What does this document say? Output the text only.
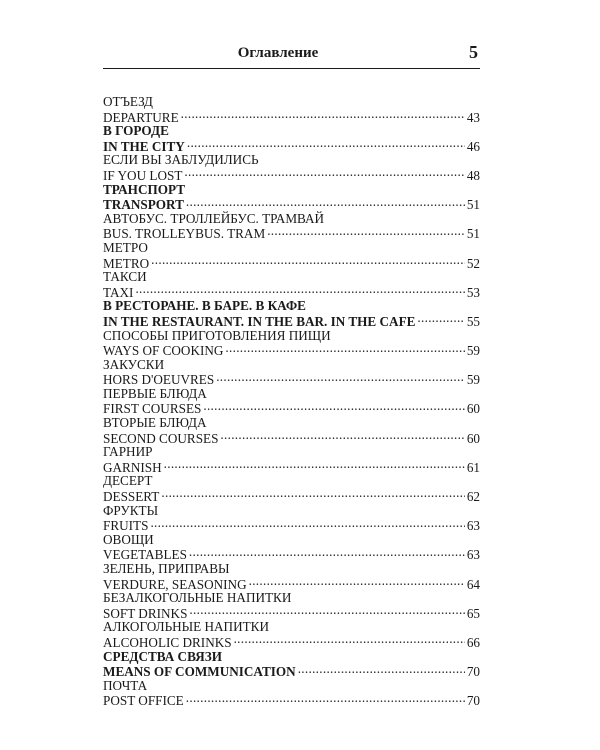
Оглавление	5
ОТЪЕЗД
DEPARTURE . . .	43
В ГОРОДЕ
IN THE CITY . . .	46
ЕСЛИ ВЫ ЗАБЛУДИЛИСЬ
IF YOU LOST . . .	48
ТРАНСПОРТ
TRANSPORT . . .	51
АВТОБУС. ТРОЛЛЕЙБУС. ТРАМВАЙ
BUS. TROLLEYBUS. TRAM . . .	51
МЕТРО
METRO . . .	52
ТАКСИ
TAXI . . .	53
В РЕСТОРАНЕ. В БАРЕ. В КАФЕ
IN THE RESTAURANT. IN THE BAR. IN THE CAFE . . .	55
СПОСОБЫ ПРИГОТОВЛЕНИЯ ПИЩИ
WAYS OF COOKING . . .	59
ЗАКУСКИ
HORS D'OEUVRES . . .	59
ПЕРВЫЕ БЛЮДА
FIRST COURSES . . .	60
ВТОРЫЕ БЛЮДА
SECOND COURSES . . .	60
ГАРНИР
GARNISH . . .	61
ДЕСЕРТ
DESSERT . . .	62
ФРУКТЫ
FRUITS . . .	63
ОВОЩИ
VEGETABLES . . .	63
ЗЕЛЕНЬ, ПРИПРАВЫ
VERDURE, SEASONING . . .	64
БЕЗАЛКОГОЛЬНЫЕ НАПИТКИ
SOFT DRINKS . . .	65
АЛКОГОЛЬНЫЕ НАПИТКИ
ALCOHOLIC DRINKS . . .	66
СРЕДСТВА СВЯЗИ
MEANS OF COMMUNICATION . . .	70
ПОЧТА
POST OFFICE . . .	70
